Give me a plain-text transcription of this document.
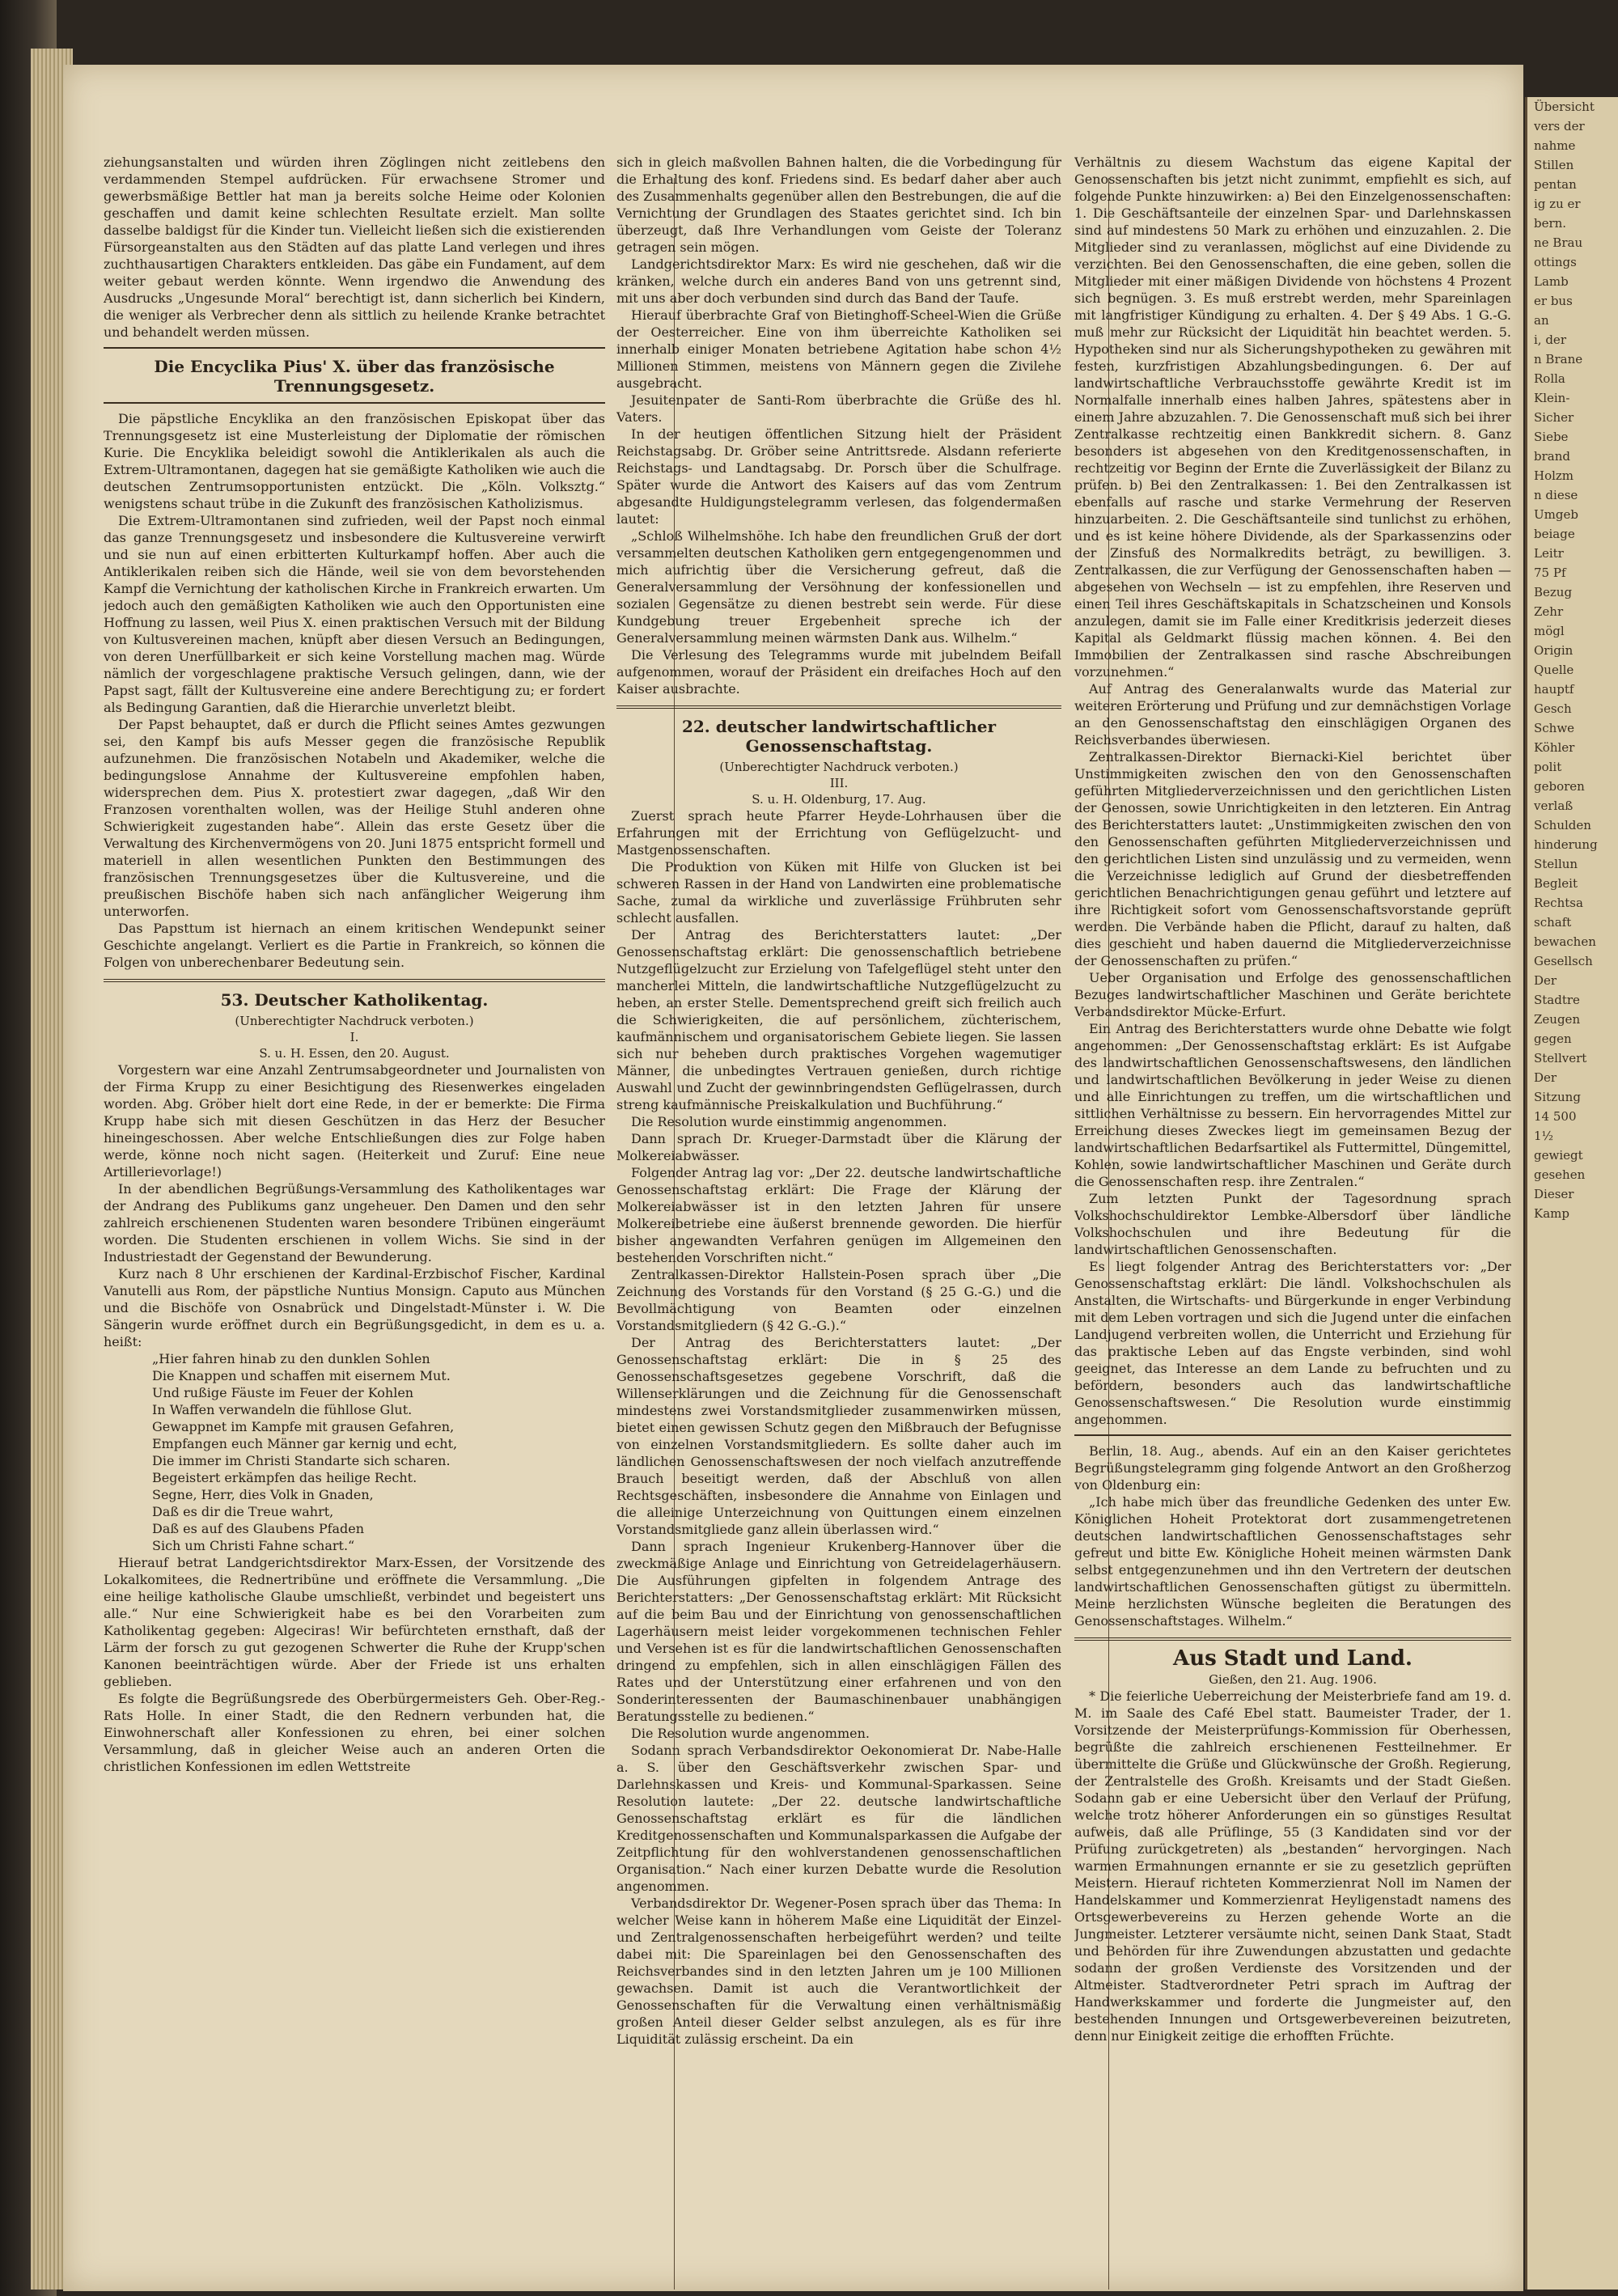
ziehungsanstalten und würden ihren Zöglingen nicht zeitlebens den verdammenden Stempel aufdrücken. Für erwachsene Stromer und gewerbsmäßige Bettler hat man ja bereits solche Heime oder Kolonien geschaffen und damit keine schlechten Resultate erzielt. Man sollte dasselbe baldigst für die Kinder tun. Vielleicht ließen sich die existierenden Fürsorgeanstalten aus den Städten auf das platte Land verlegen und ihres zuchthausartigen Charakters entkleiden. Das gäbe ein Fundament, auf dem weiter gebaut werden könnte. Wenn irgendwo die Anwendung des Ausdrucks „Ungesunde Moral“ berechtigt ist, dann sicherlich bei Kindern, die weniger als Verbrecher denn als sittlich zu heilende Kranke betrachtet und behandelt werden müssen.

Die Encyclika Pius' X. über das französische Trennungsgesetz.

Die päpstliche Encyklika an den französischen Episkopat über das Trennungsgesetz ist eine Musterleistung der Diplomatie der römischen Kurie. Die Encyklika beleidigt sowohl die Antiklerikalen als auch die Extrem-Ultramontanen, dagegen hat sie gemäßigte Katholiken wie auch die deutschen Zentrumsopportunisten entzückt. Die „Köln. Volksztg.“ wenigstens schaut trübe in die Zukunft des französischen Katholizismus.

Die Extrem-Ultramontanen sind zufrieden, weil der Papst noch einmal das ganze Trennungsgesetz und insbesondere die Kultusvereine verwirft und sie nun auf einen erbitterten Kulturkampf hoffen. Aber auch die Antiklerikalen reiben sich die Hände, weil sie von dem bevorstehenden Kampf die Vernichtung der katholischen Kirche in Frankreich erwarten. Um jedoch auch den gemäßigten Katholiken wie auch den Opportunisten eine Hoffnung zu lassen, weil Pius X. einen praktischen Versuch mit der Bildung von Kultusvereinen machen, knüpft aber diesen Versuch an Bedingungen, von deren Unerfüllbarkeit er sich keine Vorstellung machen mag. Würde nämlich der vorgeschlagene praktische Versuch gelingen, dann, wie der Papst sagt, fällt der Kultusvereine eine andere Berechtigung zu; er fordert als Bedingung Garantien, daß die Hierarchie unverletzt bleibt.

Der Papst behauptet, daß er durch die Pflicht seines Amtes gezwungen sei, den Kampf bis aufs Messer gegen die französische Republik aufzunehmen. Die französischen Notabeln und Akademiker, welche die bedingungslose Annahme der Kultusvereine empfohlen haben, widersprechen dem. Pius X. protestiert zwar dagegen, „daß Wir den Franzosen vorenthalten wollen, was der Heilige Stuhl anderen ohne Schwierigkeit zugestanden habe“. Allein das erste Gesetz über die Verwaltung des Kirchenvermögens von 20. Juni 1875 entspricht formell und materiell in allen wesentlichen Punkten den Bestimmungen des französischen Trennungsgesetzes über die Kultusvereine, und die preußischen Bischöfe haben sich nach anfänglicher Weigerung ihm unterworfen.

Das Papsttum ist hiernach an einem kritischen Wendepunkt seiner Geschichte angelangt. Verliert es die Partie in Frankreich, so können die Folgen von unberechenbarer Bedeutung sein.

53. Deutscher Katholikentag.

(Unberechtigter Nachdruck verboten.)

I.

S. u. H. Essen, den 20. August.

Vorgestern war eine Anzahl Zentrumsabgeordneter und Journalisten von der Firma Krupp zu einer Besichtigung des Riesenwerkes eingeladen worden. Abg. Gröber hielt dort eine Rede, in der er bemerkte: Die Firma Krupp habe sich mit diesen Geschützen in das Herz der Besucher hineingeschossen. Aber welche Entschließungen dies zur Folge haben werde, könne noch nicht sagen. (Heiterkeit und Zuruf: Eine neue Artillerievorlage!)

In der abendlichen Begrüßungs-Versammlung des Katholikentages war der Andrang des Publikums ganz ungeheuer. Den Damen und den sehr zahlreich erschienenen Studenten waren besondere Tribünen eingeräumt worden. Die Studenten erschienen in vollem Wichs. Sie sind in der Industriestadt der Gegenstand der Bewunderung.

Kurz nach 8 Uhr erschienen der Kardinal-Erzbischof Fischer, Kardinal Vanutelli aus Rom, der päpstliche Nuntius Monsign. Caputo aus München und die Bischöfe von Osnabrück und Dingelstadt-Münster i. W. Die Sängerin wurde eröffnet durch ein Begrüßungsgedicht, in dem es u. a. heißt:

„Hier fahren hinab zu den dunklen Sohlen

Die Knappen und schaffen mit eisernem Mut.

Und rußige Fäuste im Feuer der Kohlen

In Waffen verwandeln die fühllose Glut.

Gewappnet im Kampfe mit grausen Gefahren,

Empfangen euch Männer gar kernig und echt,

Die immer im Christi Standarte sich scharen.

Begeistert erkämpfen das heilige Recht.

Segne, Herr, dies Volk in Gnaden,

Daß es dir die Treue wahrt,

Daß es auf des Glaubens Pfaden

Sich um Christi Fahne schart.“

Hierauf betrat Landgerichtsdirektor Marx-Essen, der Vorsitzende des Lokalkomitees, die Rednertribüne und eröffnete die Versammlung. „Die eine heilige katholische Glaube umschließt, verbindet und begeistert uns alle.“ Nur eine Schwierigkeit habe es bei den Vorarbeiten zum Katholikentag gegeben: Algeciras! Wir befürchteten ernsthaft, daß der Lärm der forsch zu gut gezogenen Schwerter die Ruhe der Krupp'schen Kanonen beeinträchtigen würde. Aber der Friede ist uns erhalten geblieben.

Es folgte die Begrüßungsrede des Oberbürgermeisters Geh. Ober-Reg.-Rats Holle. In einer Stadt, die den Rednern verbunden hat, die Einwohnerschaft aller Konfessionen zu ehren, bei einer solchen Versammlung, daß in gleicher Weise auch an anderen Orten die christlichen Konfessionen im edlen Wettstreite

sich in gleich maßvollen Bahnen halten, die die Vorbedingung für die Erhaltung des konf. Friedens sind. Es bedarf daher aber auch des Zusammenhalts gegenüber allen den Bestrebungen, die auf die Vernichtung der Grundlagen des Staates gerichtet sind. Ich bin überzeugt, daß Ihre Verhandlungen vom Geiste der Toleranz getragen sein mögen.

Landgerichtsdirektor Marx: Es wird nie geschehen, daß wir die kränken, welche durch ein anderes Band von uns getrennt sind, mit uns aber doch verbunden sind durch das Band der Taufe.

Hierauf überbrachte Graf von Bietinghoff-Scheel-Wien die Grüße der Oesterreicher. Eine von ihm überreichte Katholiken sei innerhalb einiger Monaten betriebene Agitation habe schon 4½ Millionen Stimmen, meistens von Männern gegen die Zivilehe ausgebracht.

Jesuitenpater de Santi-Rom überbrachte die Grüße des hl. Vaters.

In der heutigen öffentlichen Sitzung hielt der Präsident Reichstagsabg. Dr. Gröber seine Antrittsrede. Alsdann referierte Reichstags- und Landtagsabg. Dr. Porsch über die Schulfrage. Später wurde die Antwort des Kaisers auf das vom Zentrum abgesandte Huldigungstelegramm verlesen, das folgendermaßen lautet:

„Schloß Wilhelmshöhe. Ich habe den freundlichen Gruß der dort versammelten deutschen Katholiken gern entgegengenommen und mich aufrichtig über die Versicherung gefreut, daß die Generalversammlung der Versöhnung der konfessionellen und sozialen Gegensätze zu dienen bestrebt sein werde. Für diese Kundgebung treuer Ergebenheit spreche ich der Generalversammlung meinen wärmsten Dank aus. Wilhelm.“

Die Verlesung des Telegramms wurde mit jubelndem Beifall aufgenommen, worauf der Präsident ein dreifaches Hoch auf den Kaiser ausbrachte.

22. deutscher landwirtschaftlicher Genossenschaftstag.

(Unberechtigter Nachdruck verboten.)

III.

S. u. H. Oldenburg, 17. Aug.

Zuerst sprach heute Pfarrer Heyde-Lohrhausen über die Erfahrungen mit der Errichtung von Geflügelzucht- und Mastgenossenschaften.

Die Produktion von Küken mit Hilfe von Glucken ist bei schweren Rassen in der Hand von Landwirten eine problematische Sache, zumal da wirkliche und zuverlässige Frühbruten sehr schlecht ausfallen.

Der Antrag des Berichterstatters lautet: „Der Genossenschaftstag erklärt: Die genossenschaftlich betriebene Nutzgeflügelzucht zur Erzielung von Tafelgeflügel steht unter den mancherlei Mitteln, die landwirtschaftliche Nutzgeflügelzucht zu heben, an erster Stelle. Dementsprechend greift sich freilich auch die Schwierigkeiten, die auf persönlichem, züchterischem, kaufmännischem und organisatorischem Gebiete liegen. Sie lassen sich nur beheben durch praktisches Vorgehen wagemutiger Männer, die unbedingtes Vertrauen genießen, durch richtige Auswahl und Zucht der gewinnbringendsten Geflügelrassen, durch streng kaufmännische Preiskalkulation und Buchführung.“

Die Resolution wurde einstimmig angenommen.

Dann sprach Dr. Krueger-Darmstadt über die Klärung der Molkereiabwässer.

Folgender Antrag lag vor: „Der 22. deutsche landwirtschaftliche Genossenschaftstag erklärt: Die Frage der Klärung der Molkereiabwässer ist in den letzten Jahren für unsere Molkereibetriebe eine äußerst brennende geworden. Die hierfür bisher angewandten Verfahren genügen im Allgemeinen den bestehenden Vorschriften nicht.“

Zentralkassen-Direktor Hallstein-Posen sprach über „Die Zeichnung des Vorstands für den Vorstand (§ 25 G.-G.) und die Bevollmächtigung von Beamten oder einzelnen Vorstandsmitgliedern (§ 42 G.-G.).“

Der Antrag des Berichterstatters lautet: „Der Genossenschaftstag erklärt: Die in § 25 des Genossenschaftsgesetzes gegebene Vorschrift, daß die Willenserklärungen und die Zeichnung für die Genossenschaft mindestens zwei Vorstandsmitglieder zusammenwirken müssen, bietet einen gewissen Schutz gegen den Mißbrauch der Befugnisse von einzelnen Vorstandsmitgliedern. Es sollte daher auch im ländlichen Genossenschaftswesen der noch vielfach anzutreffende Brauch beseitigt werden, daß der Abschluß von allen Rechtsgeschäften, insbesondere die Annahme von Einlagen und die alleinige Unterzeichnung von Quittungen einem einzelnen Vorstandsmitgliede ganz allein überlassen wird.“

Dann sprach Ingenieur Krukenberg-Hannover über die zweckmäßige Anlage und Einrichtung von Getreidelagerhäusern. Die Ausführungen gipfelten in folgendem Antrage des Berichterstatters: „Der Genossenschaftstag erklärt: Mit Rücksicht auf die beim Bau und der Einrichtung von genossenschaftlichen Lagerhäusern meist leider vorgekommenen technischen Fehler und Versehen ist es für die landwirtschaftlichen Genossenschaften dringend zu empfehlen, sich in allen einschlägigen Fällen des Rates und der Unterstützung einer erfahrenen und von den Sonderinteressenten der Baumaschinenbauer unabhängigen Beratungsstelle zu bedienen.“

Die Resolution wurde angenommen.

Sodann sprach Verbandsdirektor Oekonomierat Dr. Nabe-Halle a. S. über den Geschäftsverkehr zwischen Spar- und Darlehnskassen und Kreis- und Kommunal-Sparkassen. Seine Resolution lautete: „Der 22. deutsche landwirtschaftliche Genossenschaftstag erklärt es für die ländlichen Kreditgenossenschaften und Kommunalsparkassen die Aufgabe der Zeitpflichtung für den wohlverstandenen genossenschaftlichen Organisation.“ Nach einer kurzen Debatte wurde die Resolution angenommen.

Verbandsdirektor Dr. Wegener-Posen sprach über das Thema: In welcher Weise kann in höherem Maße eine Liquidität der Einzel- und Zentralgenossenschaften herbeigeführt werden? und teilte dabei mit: Die Spareinlagen bei den Genossenschaften des Reichsverbandes sind in den letzten Jahren um je 100 Millionen gewachsen. Damit ist auch die Verantwortlichkeit der Genossenschaften für die Verwaltung einen verhältnismäßig großen Anteil dieser Gelder selbst anzulegen, als es für ihre Liquidität zulässig erscheint. Da ein

Verhältnis zu diesem Wachstum das eigene Kapital der Genossenschaften bis jetzt nicht zunimmt, empfiehlt es sich, auf folgende Punkte hinzuwirken: a) Bei den Einzelgenossenschaften: 1. Die Geschäftsanteile der einzelnen Spar- und Darlehnskassen sind auf mindestens 50 Mark zu erhöhen und einzuzahlen. 2. Die Mitglieder sind zu veranlassen, möglichst auf eine Dividende zu verzichten. Bei den Genossenschaften, die eine geben, sollen die Mitglieder mit einer mäßigen Dividende von höchstens 4 Prozent sich begnügen. 3. Es muß erstrebt werden, mehr Spareinlagen mit langfristiger Kündigung zu erhalten. 4. Der § 49 Abs. 1 G.-G. muß mehr zur Rücksicht der Liquidität hin beachtet werden. 5. Hypotheken sind nur als Sicherungshypotheken zu gewähren mit festen, kurzfristigen Abzahlungsbedingungen. 6. Der auf landwirtschaftliche Verbrauchsstoffe gewährte Kredit ist im Normalfalle innerhalb eines halben Jahres, spätestens aber in einem Jahre abzuzahlen. 7. Die Genossenschaft muß sich bei ihrer Zentralkasse rechtzeitig einen Bankkredit sichern. 8. Ganz besonders ist abgesehen von den Kreditgenossenschaften, in rechtzeitig vor Beginn der Ernte die Zuverlässigkeit der Bilanz zu prüfen. b) Bei den Zentralkassen: 1. Bei den Zentralkassen ist ebenfalls auf rasche und starke Vermehrung der Reserven hinzuarbeiten. 2. Die Geschäftsanteile sind tunlichst zu erhöhen, und es ist keine höhere Dividende, als der Sparkassenzins oder der Zinsfuß des Normalkredits beträgt, zu bewilligen. 3. Zentralkassen, die zur Verfügung der Genossenschaften haben — abgesehen von Wechseln — ist zu empfehlen, ihre Reserven und einen Teil ihres Geschäftskapitals in Schatzscheinen und Konsols anzulegen, damit sie im Falle einer Kreditkrisis jederzeit dieses Kapital als Geldmarkt flüssig machen können. 4. Bei den Immobilien der Zentralkassen sind rasche Abschreibungen vorzunehmen.“

Auf Antrag des Generalanwalts wurde das Material zur weiteren Erörterung und Prüfung und zur demnächstigen Vorlage an den Genossenschaftstag den einschlägigen Organen des Reichsverbandes überwiesen.

Zentralkassen-Direktor Biernacki-Kiel berichtet über Unstimmigkeiten zwischen den von den Genossenschaften geführten Mitgliederverzeichnissen und den gerichtlichen Listen der Genossen, sowie Unrichtigkeiten in den letzteren. Ein Antrag des Berichterstatters lautet: „Unstimmigkeiten zwischen den von den Genossenschaften geführten Mitgliederverzeichnissen und den gerichtlichen Listen sind unzulässig und zu vermeiden, wenn die Verzeichnisse lediglich auf Grund der diesbetreffenden gerichtlichen Benachrichtigungen genau geführt und letztere auf ihre Richtigkeit sofort vom Genossenschaftsvorstande geprüft werden. Die Verbände haben die Pflicht, darauf zu halten, daß dies geschieht und haben dauernd die Mitgliederverzeichnisse der Genossenschaften zu prüfen.“

Ueber Organisation und Erfolge des genossenschaftlichen Bezuges landwirtschaftlicher Maschinen und Geräte berichtete Verbandsdirektor Mücke-Erfurt.

Ein Antrag des Berichterstatters wurde ohne Debatte wie folgt angenommen: „Der Genossenschaftstag erklärt: Es ist Aufgabe des landwirtschaftlichen Genossenschaftswesens, den ländlichen und landwirtschaftlichen Bevölkerung in jeder Weise zu dienen und alle Einrichtungen zu treffen, um die wirtschaftlichen und sittlichen Verhältnisse zu bessern. Ein hervorragendes Mittel zur Erreichung dieses Zweckes liegt im gemeinsamen Bezug der landwirtschaftlichen Bedarfsartikel als Futtermittel, Düngemittel, Kohlen, sowie landwirtschaftlicher Maschinen und Geräte durch die Genossenschaften resp. ihre Zentralen.“

Zum letzten Punkt der Tagesordnung sprach Volkshochschuldirektor Lembke-Albersdorf über ländliche Volkshochschulen und ihre Bedeutung für die landwirtschaftlichen Genossenschaften.

Es liegt folgender Antrag des Berichterstatters vor: „Der Genossenschaftstag erklärt: Die ländl. Volkshochschulen als Anstalten, die Wirtschafts- und Bürgerkunde in enger Verbindung mit dem Leben vortragen und sich die Jugend unter die einfachen Landjugend verbreiten wollen, die Unterricht und Erziehung für das praktische Leben auf das Engste verbinden, sind wohl geeignet, das Interesse an dem Lande zu befruchten und zu befördern, besonders auch das landwirtschaftliche Genossenschaftswesen.“ Die Resolution wurde einstimmig angenommen.

Berlin, 18. Aug., abends. Auf ein an den Kaiser gerichtetes Begrüßungstelegramm ging folgende Antwort an den Großherzog von Oldenburg ein:

„Ich habe mich über das freundliche Gedenken des unter Ew. Königlichen Hoheit Protektorat dort zusammengetretenen deutschen landwirtschaftlichen Genossenschaftstages sehr gefreut und bitte Ew. Königliche Hoheit meinen wärmsten Dank selbst entgegenzunehmen und ihn den Vertretern der deutschen landwirtschaftlichen Genossenschaften gütigst zu übermitteln. Meine herzlichsten Wünsche begleiten die Beratungen des Genossenschaftstages. Wilhelm.“

Aus Stadt und Land.

Gießen, den 21. Aug. 1906.

* Die feierliche Ueberreichung der Meisterbriefe fand am 19. d. M. im Saale des Café Ebel statt. Baumeister Trader, der 1. Vorsitzende der Meisterprüfungs-Kommission für Oberhessen, begrüßte die zahlreich erschienenen Festteilnehmer. Er übermittelte die Grüße und Glückwünsche der Großh. Regierung, der Zentralstelle des Großh. Kreisamts und der Stadt Gießen. Sodann gab er eine Uebersicht über den Verlauf der Prüfung, welche trotz höherer Anforderungen ein so günstiges Resultat aufweis, daß alle Prüflinge, 55 (3 Kandidaten sind vor der Prüfung zurückgetreten) als „bestanden“ hervorgingen. Nach warmen Ermahnungen ernannte er sie zu gesetzlich geprüften Meistern. Hierauf richteten Kommerzienrat Noll im Namen der Handelskammer und Kommerzienrat Heyligenstadt namens des Ortsgewerbevereins zu Herzen gehende Worte an die Jungmeister. Letzterer versäumte nicht, seinen Dank Staat, Stadt und Behörden für ihre Zuwendungen abzustatten und gedachte sodann der großen Verdienste des Vorsitzenden und der Altmeister. Stadtverordneter Petri sprach im Auftrag der Handwerkskammer und forderte die Jungmeister auf, den bestehenden Innungen und Ortsgewerbevereinen beizutreten, denn nur Einigkeit zeitige die erhofften Früchte.

Übersicht
vers der
nahme
Stillen
pentan
ig zu er
bern.
ne Brau
ottings
Lamb
er bus
an
i, der
n Brane
Rolla
Klein-
Sicher
Siebe
brand
Holzm
n diese
Umgeb
beiage
Leitr
75 Pf
Bezug
Zehr
mögl
Origin
Quelle
hauptf
Gesch
Schwe
Köhler
polit
geboren
verlaß
Schulden
hinderung
Stellun
Begleit
Rechtsa
schaft
bewachen
Gesellsch
Der
Stadtre
Zeugen
gegen
Stellvert
Der
Sitzung
14 500
1½
gewiegt
gesehen
Dieser
Kamp
